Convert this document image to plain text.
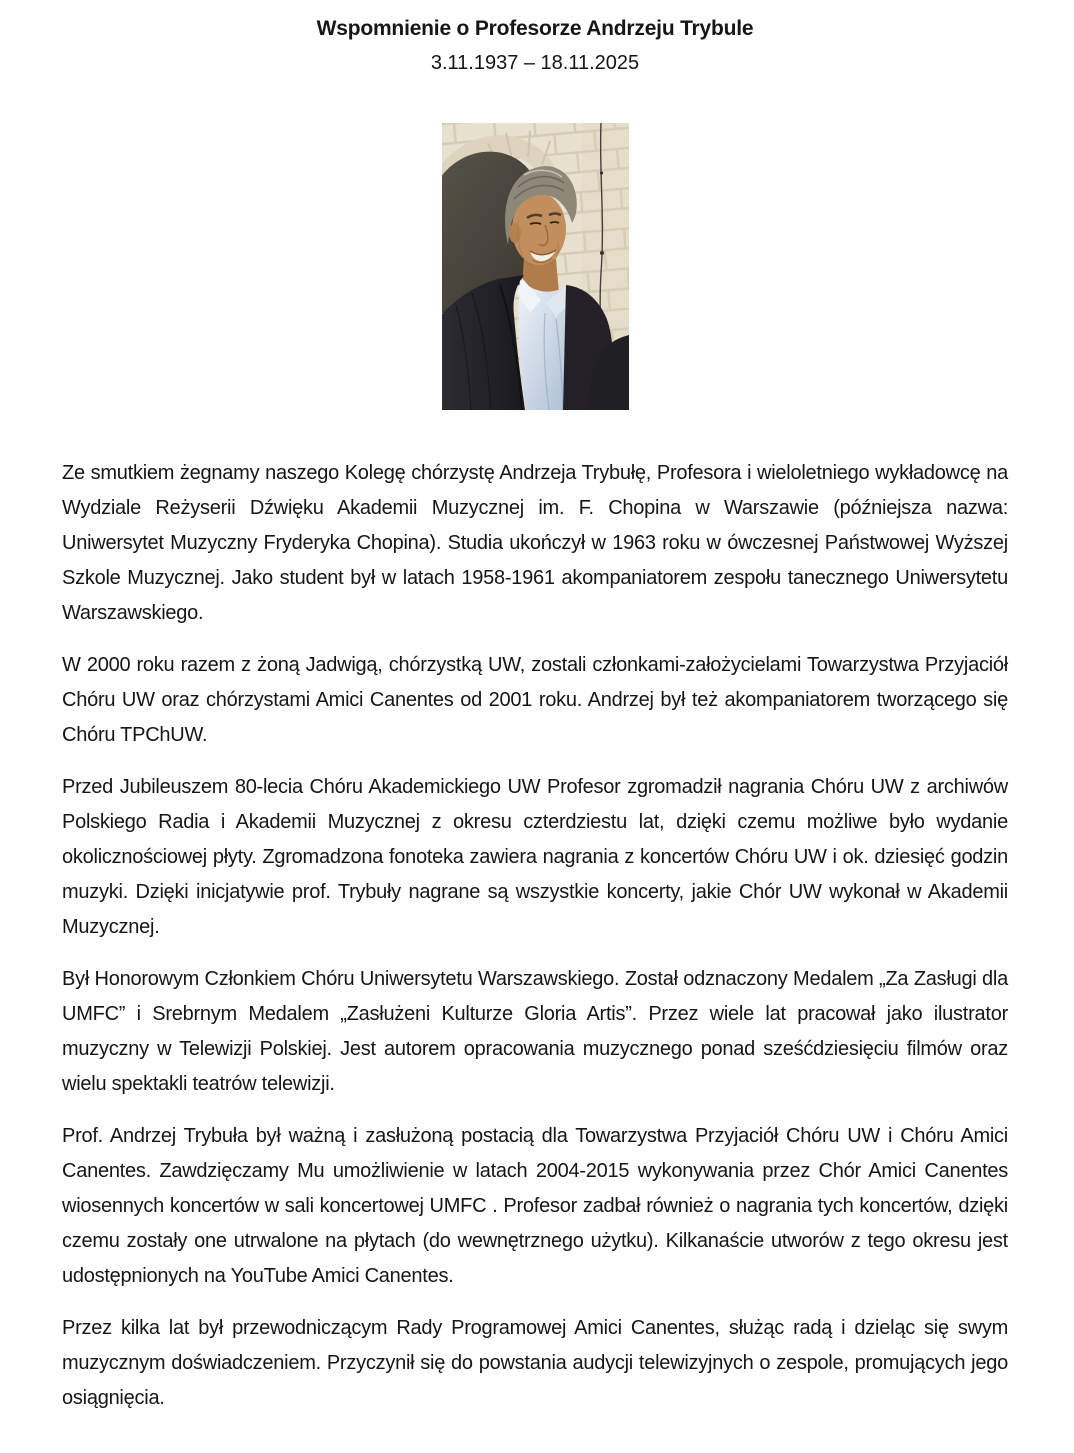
Wspomnienie o Profesorze Andrzeju Trybule
3.11.1937 – 18.11.2025

Ze smutkiem żegnamy naszego Kolegę chórzystę Andrzeja Trybułę, Profesora i wieloletniego wykładowcę na Wydziale Reżyserii Dźwięku Akademii Muzycznej im. F. Chopina w Warszawie (późniejsza nazwa: Uniwersytet Muzyczny Fryderyka Chopina). Studia ukończył w 1963 roku w ówczesnej Państwowej Wyższej Szkole Muzycznej. Jako student był w latach 1958-1961 akompaniatorem zespołu tanecznego Uniwersytetu Warszawskiego.

W 2000 roku razem z żoną Jadwigą, chórzystką UW, zostali członkami-założycielami Towarzystwa Przyjaciół Chóru UW oraz chórzystami Amici Canentes od 2001 roku. Andrzej był też akompaniatorem tworzącego się Chóru TPChUW.

Przed Jubileuszem 80-lecia Chóru Akademickiego UW Profesor zgromadził nagrania Chóru UW z archiwów Polskiego Radia i Akademii Muzycznej z okresu czterdziestu lat, dzięki czemu możliwe było wydanie okolicznościowej płyty. Zgromadzona fonoteka zawiera nagrania z koncertów Chóru UW i ok. dziesięć godzin muzyki. Dzięki inicjatywie prof. Trybuły nagrane są wszystkie koncerty, jakie Chór UW wykonał w Akademii Muzycznej.

Był Honorowym Członkiem Chóru Uniwersytetu Warszawskiego. Został odznaczony Medalem „Za Zasługi dla UMFC” i Srebrnym Medalem „Zasłużeni Kulturze Gloria Artis”. Przez wiele lat pracował jako ilustrator muzyczny w Telewizji Polskiej. Jest autorem opracowania muzycznego ponad sześćdziesięciu filmów oraz wielu spektakli teatrów telewizji.

Prof. Andrzej Trybuła był ważną i zasłużoną postacią dla Towarzystwa Przyjaciół Chóru UW i Chóru Amici Canentes. Zawdzięczamy Mu umożliwienie w latach 2004-2015 wykonywania przez Chór Amici Canentes wiosennych koncertów w sali koncertowej UMFC . Profesor zadbał również o nagrania tych koncertów, dzięki czemu zostały one utrwalone na płytach (do wewnętrznego użytku). Kilkanaście utworów z tego okresu jest udostępnionych na YouTube Amici Canentes.

Przez kilka lat był przewodniczącym Rady Programowej Amici Canentes, służąc radą i dzieląc się swym muzycznym doświadczeniem. Przyczynił się do powstania audycji telewizyjnych o zespole, promujących jego osiągnięcia.
